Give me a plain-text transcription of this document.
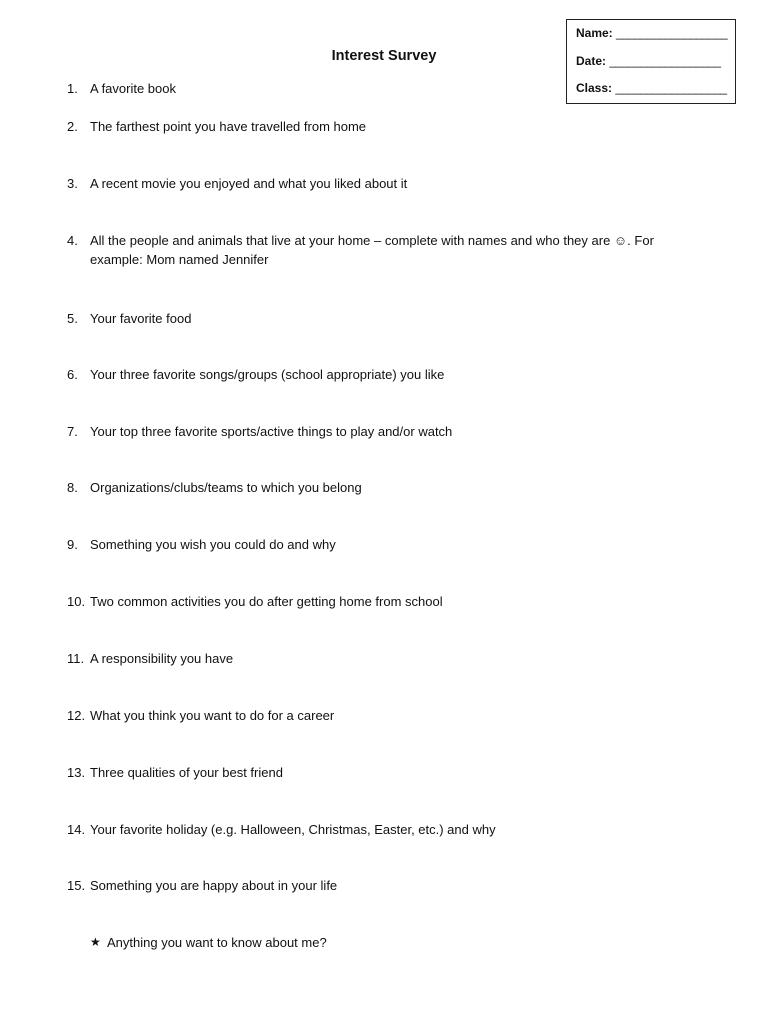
Name: __________________
Date: __________________
Class: __________________
Interest Survey
1. A favorite book
2. The farthest point you have travelled from home
3. A recent movie you enjoyed and what you liked about it
4. All the people and animals that live at your home – complete with names and who they are ☺. For example: Mom named Jennifer
5. Your favorite food
6. Your three favorite songs/groups (school appropriate) you like
7. Your top three favorite sports/active things to play and/or watch
8. Organizations/clubs/teams to which you belong
9. Something you wish you could do and why
10. Two common activities you do after getting home from school
11. A responsibility you have
12. What you think you want to do for a career
13. Three qualities of your best friend
14. Your favorite holiday (e.g. Halloween, Christmas, Easter, etc.) and why
15. Something you are happy about in your life
★ Anything you want to know about me?
